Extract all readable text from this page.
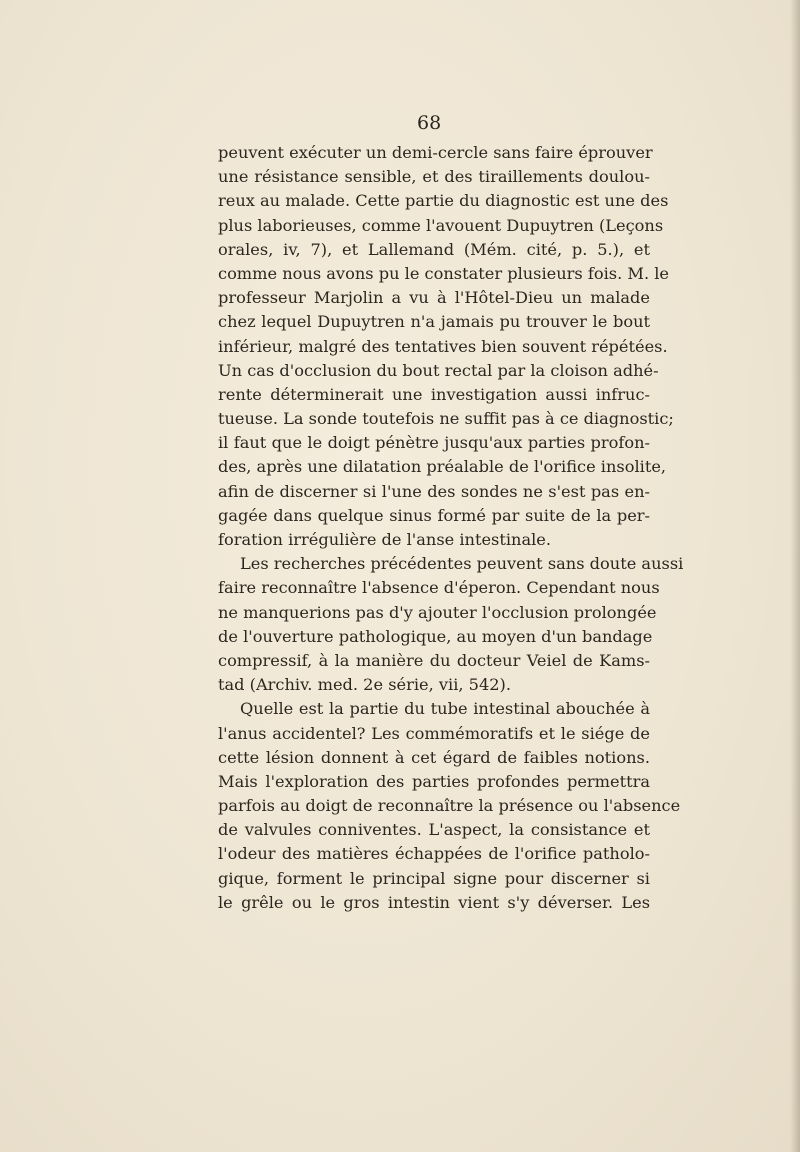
68
peuvent exécuter un demi-cercle sans faire éprouver
une résistance sensible, et des tiraillements doulou-
reux au malade. Cette partie du diagnostic est une des
plus laborieuses, comme l'avouent Dupuytren (Leçons
orales, iv, 7), et Lallemand (Mém. cité, p. 5.), et
comme nous avons pu le constater plusieurs fois. M. le
professeur Marjolin a vu à l'Hôtel-Dieu un malade
chez lequel Dupuytren n'a jamais pu trouver le bout
inférieur, malgré des tentatives bien souvent répétées.
Un cas d'occlusion du bout rectal par la cloison adhé-
rente déterminerait une investigation aussi infruc-
tueuse. La sonde toutefois ne suffit pas à ce diagnostic;
il faut que le doigt pénètre jusqu'aux parties profon-
des, après une dilatation préalable de l'orifice insolite,
afin de discerner si l'une des sondes ne s'est pas en-
gagée dans quelque sinus formé par suite de la per-
foration irrégulière de l'anse intestinale.
Les recherches précédentes peuvent sans doute aussi
faire reconnaître l'absence d'éperon. Cependant nous
ne manquerions pas d'y ajouter l'occlusion prolongée
de l'ouverture pathologique, au moyen d'un bandage
compressif, à la manière du docteur Veiel de Kams-
tad (Archiv. med. 2e série, vii, 542).
Quelle est la partie du tube intestinal abouchée à
l'anus accidentel? Les commémoratifs et le siége de
cette lésion donnent à cet égard de faibles notions.
Mais l'exploration des parties profondes permettra
parfois au doigt de reconnaître la présence ou l'absence
de valvules conniventes. L'aspect, la consistance et
l'odeur des matières échappées de l'orifice patholo-
gique, forment le principal signe pour discerner si
le grêle ou le gros intestin vient s'y déverser. Les
